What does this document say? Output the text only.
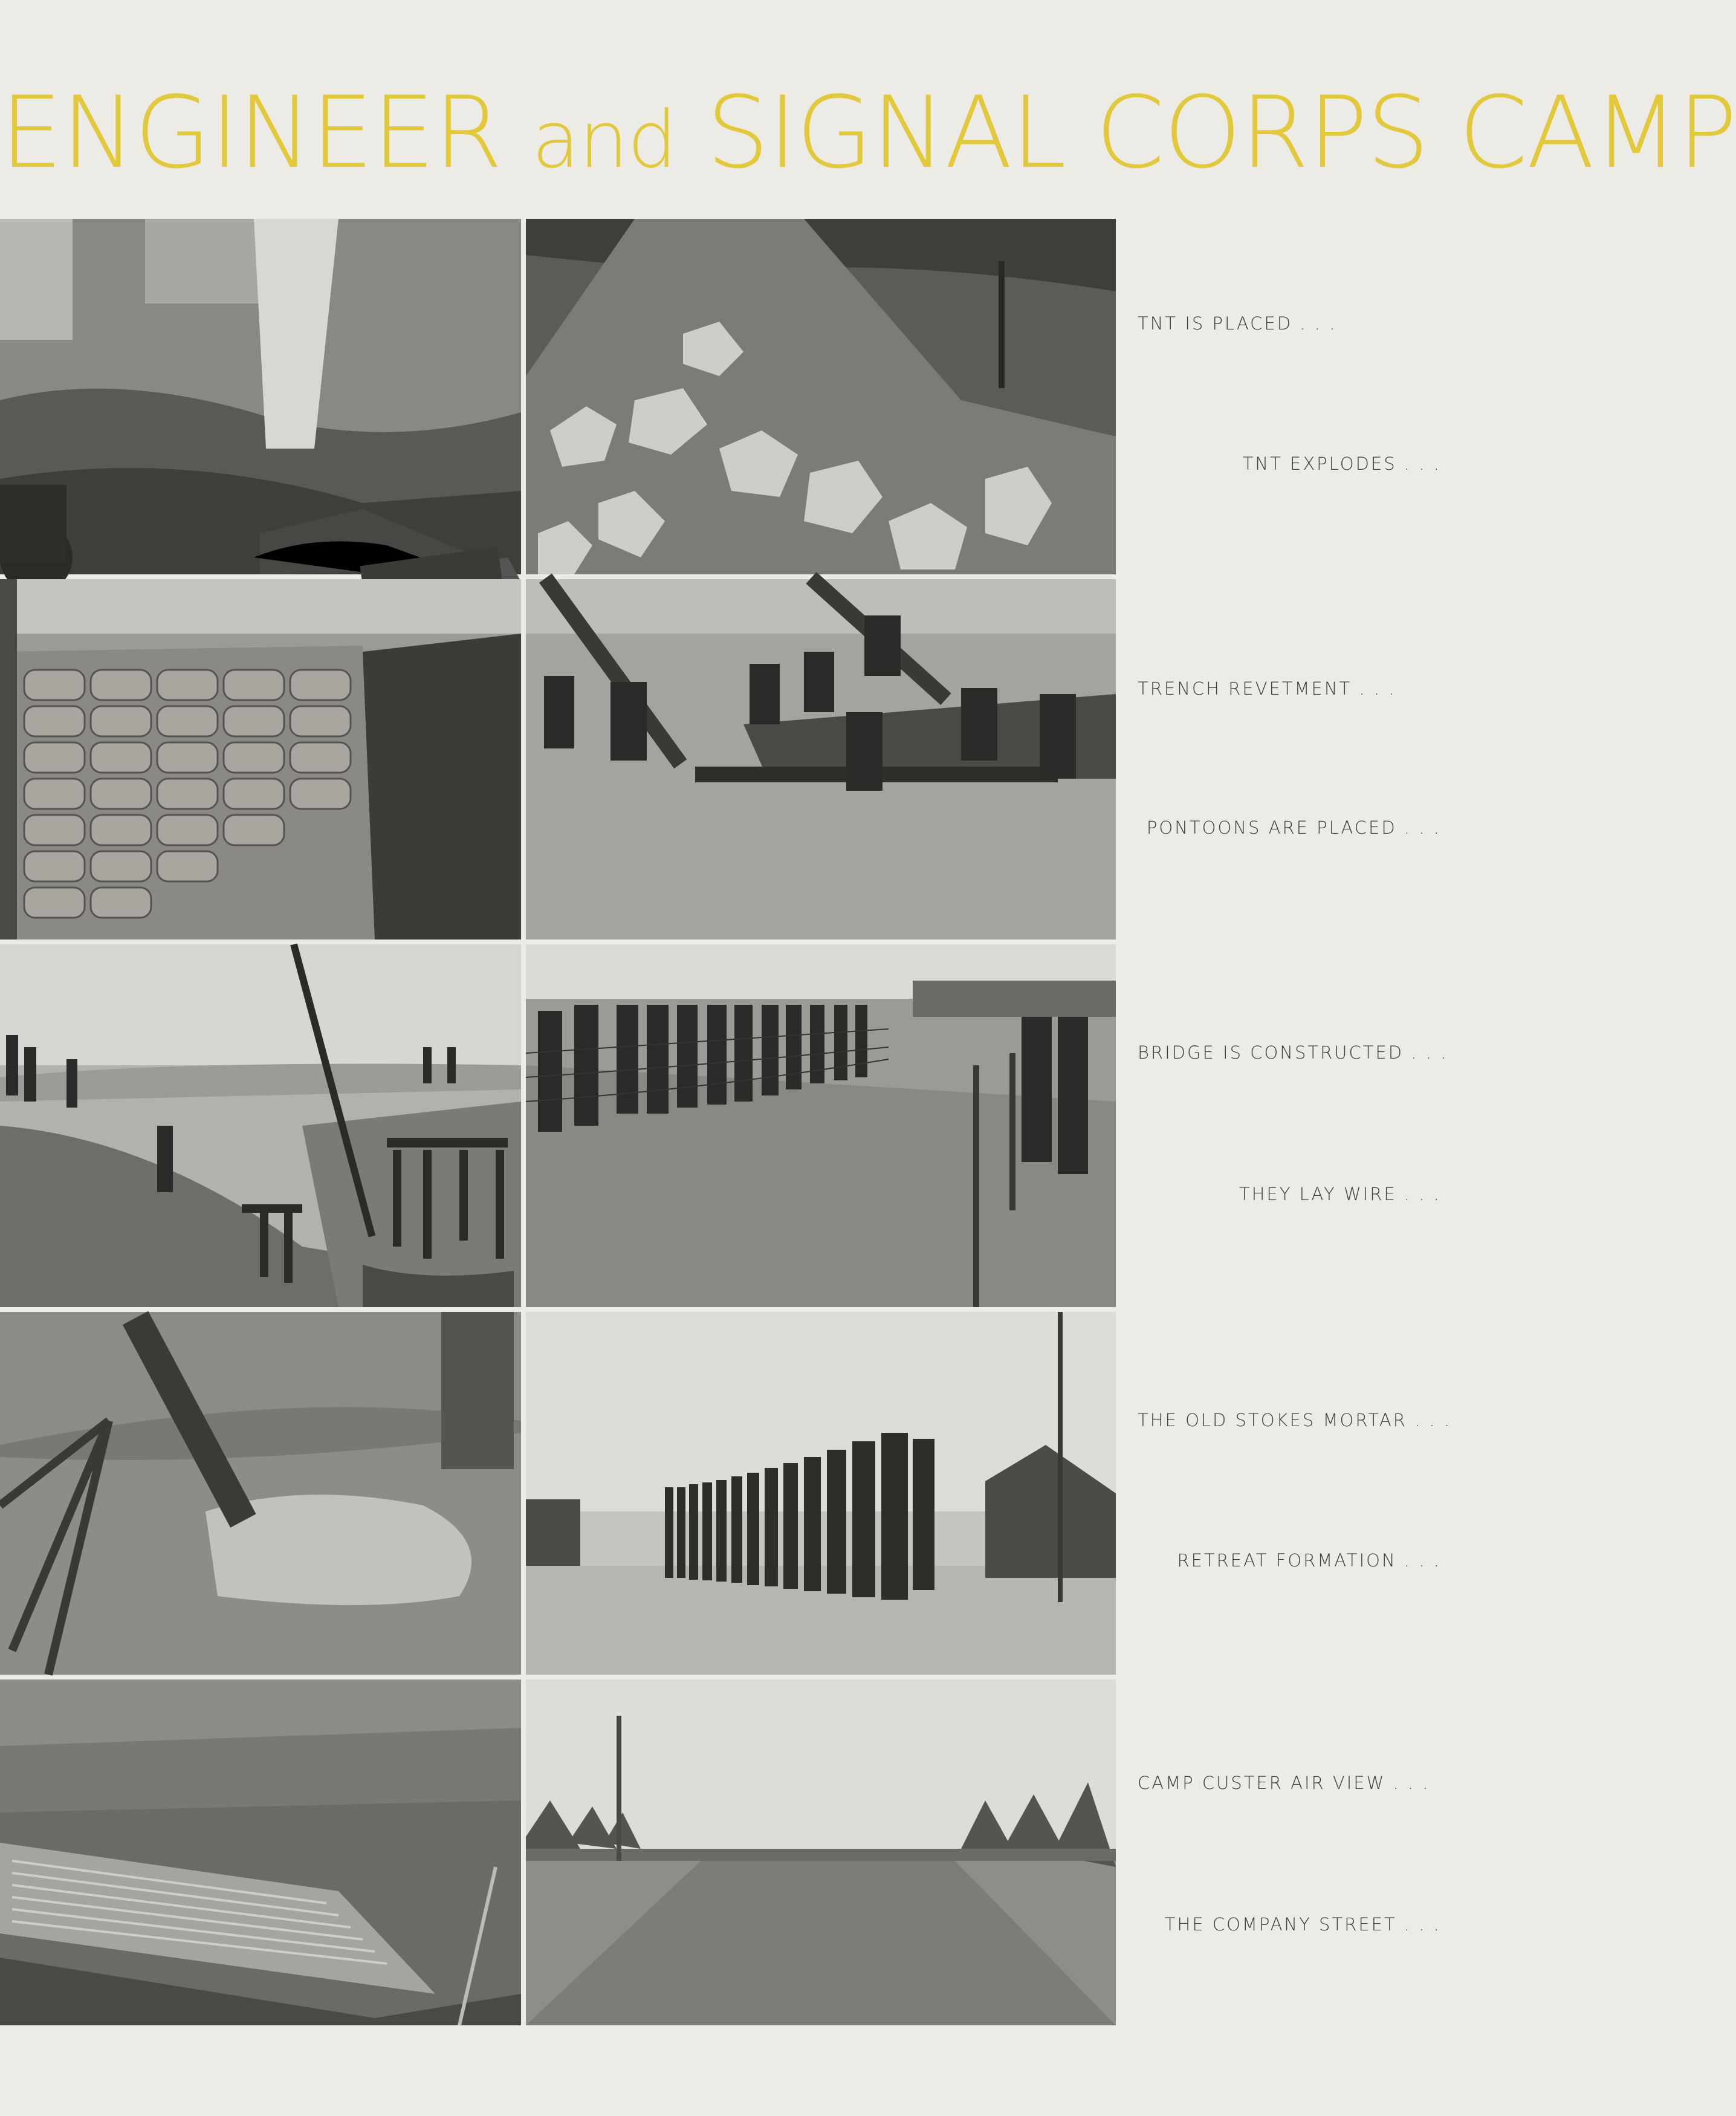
ENGINEER and SIGNAL CORPS CAMP
TNT IS PLACED . . .
TNT EXPLODES . . .
TRENCH REVETMENT . . .
PONTOONS ARE PLACED . . .
BRIDGE IS CONSTRUCTED . . .
THEY LAY WIRE . . .
THE OLD STOKES MORTAR . . .
RETREAT FORMATION . . .
CAMP CUSTER AIR VIEW . . .
THE COMPANY STREET . . .
